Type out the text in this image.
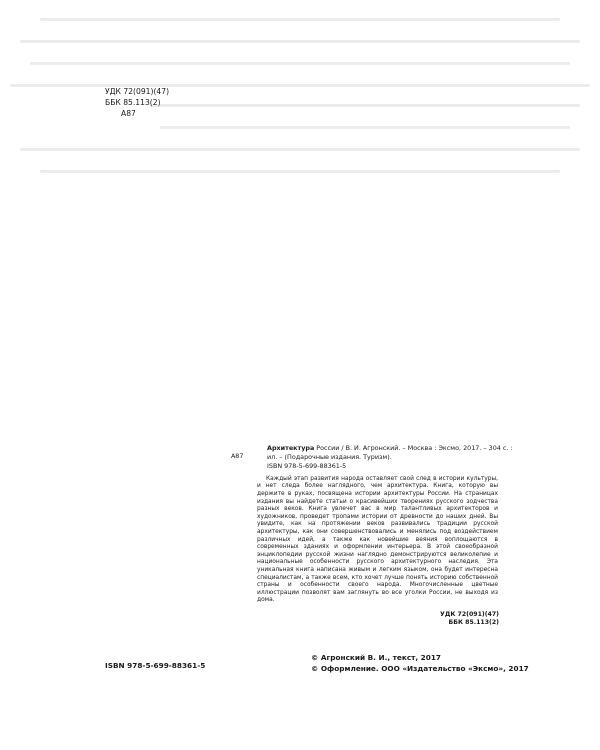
УДК 72(091)(47)
ББК 85.113(2)
А87
А87
Архитектура России / В. И. Агронский. – Москва : Эксмо, 2017. – 304 с. :
ил. – (Подарочные издания. Туризм).
ISBN 978-5-699-88361-5
Каждый этап развития народа оставляет свой след в истории культуры, и нет следа более наглядного, чем архитектура. Книга, которую вы держите в руках, посвящена истории архитектуры России. На страницах издания вы найдете статьи о красивейших творениях русского зодчества разных веков. Книга увлечет вас в мир талантливых архитекторов и художников, проведет тропами истории от древности до наших дней. Вы увидите, как на протяжении веков развивались традиции русской архитектуры, как они совершенствовались и менялись под воздействием различных идей, а также как новейшие веяния воплощаются в современных зданиях и оформлении интерьера. В этой своеобразной энциклопедии русской жизни наглядно демонстрируются великолепие и национальные особенности русского архитектурного наследия. Эта уникальная книга написана живым и легким языком, она будет интересна специалистам, а также всем, кто хочет лучше понять историю собственной страны и особенности своего народа. Многочисленные цветные иллюстрации позволят вам заглянуть во все уголки России, не выходя из дома.
УДК 72(091)(47)
ББК 85.113(2)
ISBN 978-5-699-88361-5
© Агронский В. И., текст, 2017
© Оформление. ООО «Издательство «Эксмо», 2017
